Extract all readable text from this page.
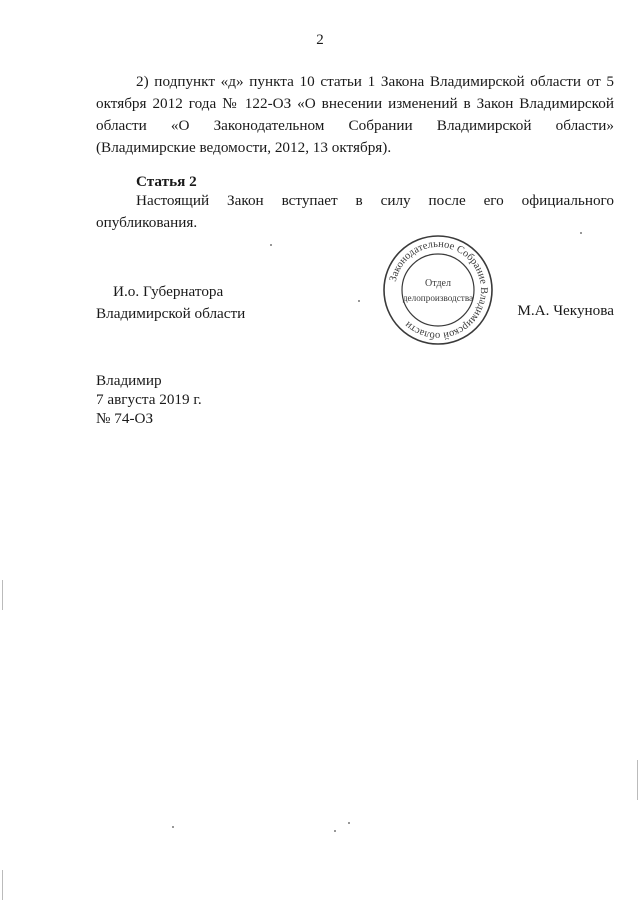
2

2) подпункт «д» пункта 10 статьи 1 Закона Владимирской области от 5 октября 2012 года № 122-ОЗ «О внесении изменений в Закон Владимирской области «О Законодательном Собрании Владимирской области» (Владимирские ведомости, 2012, 13 октября).

Статья 2

Настоящий Закон вступает в силу после его официального опубликования.

И.о. Губернатора
Владимирской области
Законодательное Собрание Владимирской области
Отдел
делопроизводства
М.А. Чекунова
Владимир
7 августа 2019 г.
№ 74-ОЗ
